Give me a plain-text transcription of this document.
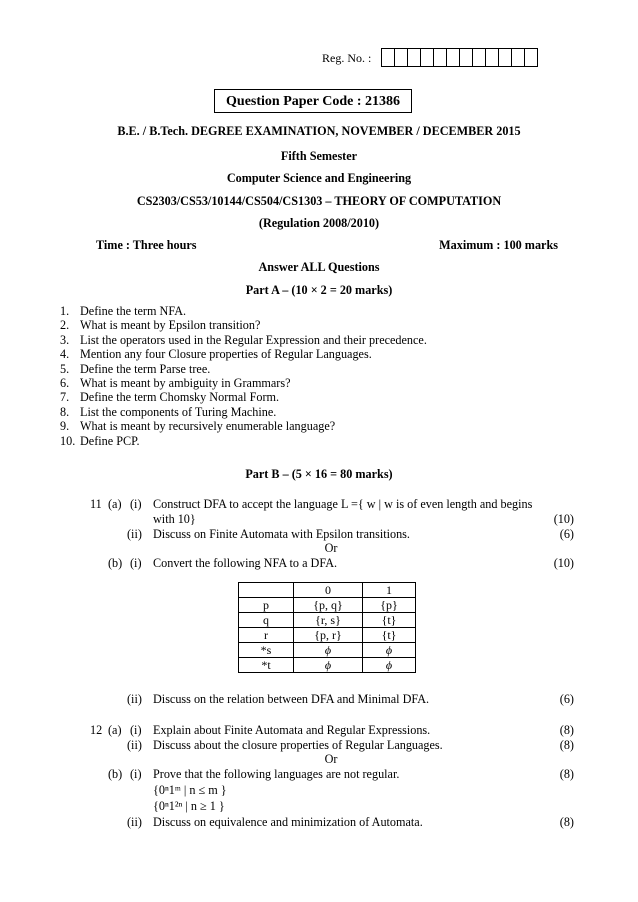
Reg. No. :
Question Paper Code : 21386
B.E. / B.Tech. DEGREE EXAMINATION, NOVEMBER / DECEMBER 2015
Fifth Semester
Computer Science and Engineering
CS2303/CS53/10144/CS504/CS1303 – THEORY OF COMPUTATION
(Regulation 2008/2010)
Time : Three hours	Maximum : 100 marks
Answer ALL Questions
Part A – (10 × 2 = 20 marks)
1. Define the term NFA.
2. What is meant by Epsilon transition?
3. List the operators used in the Regular Expression and their precedence.
4. Mention any four Closure properties of Regular Languages.
5. Define the term Parse tree.
6. What is meant by ambiguity in Grammars?
7. Define the term Chomsky Normal Form.
8. List the components of Turing Machine.
9. What is meant by recursively enumerable language?
10. Define PCP.
Part B – (5 × 16 = 80 marks)
11 (a) (i) Construct DFA to accept the language L ={ w | w is of even length and begins
with 10}	(10)
(ii) Discuss on Finite Automata with Epsilon transitions.	(6)
Or
(b) (i) Convert the following NFA to a DFA.	(10)
	0	1
p	{p, q}	{p}
q	{r, s}	{t}
r	{p, r}	{t}
*s	ϕ	ϕ
*t	ϕ	ϕ
(ii) Discuss on the relation between DFA and Minimal DFA.	(6)
12 (a) (i) Explain about Finite Automata and Regular Expressions.	(8)
(ii) Discuss about the closure properties of Regular Languages.	(8)
Or
(b) (i) Prove that the following languages are not regular.	(8)
{0ⁿ1ᵐ | n ≤ m }
{0ⁿ1²ⁿ | n ≥ 1 }
(ii) Discuss on equivalence and minimization of Automata.	(8)
